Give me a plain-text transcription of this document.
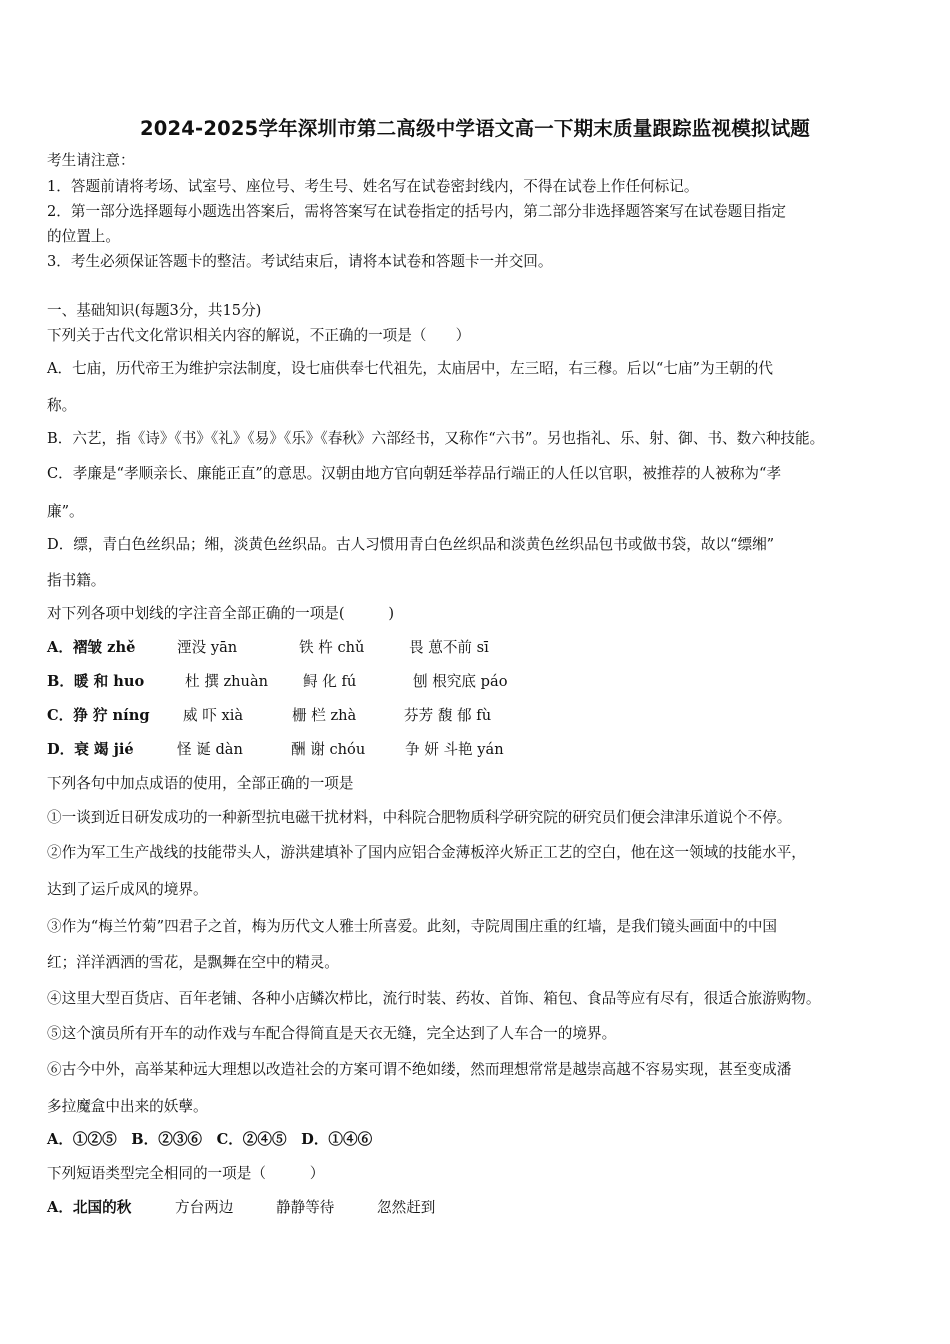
2024-2025学年深圳市第二高级中学语文高一下期末质量跟踪监视模拟试题
考生请注意：
1．答题前请将考场、试室号、座位号、考生号、姓名写在试卷密封线内，不得在试卷上作任何标记。
2．第一部分选择题每小题选出答案后，需将答案写在试卷指定的括号内，第二部分非选择题答案写在试卷题目指定
的位置上。
3．考生必须保证答题卡的整洁。考试结束后，请将本试卷和答题卡一并交回。
一、基础知识(每题3分，共15分)
下列关于古代文化常识相关内容的解说，不正确的一项是（　　）
A．七庙，历代帝王为维护宗法制度，设七庙供奉七代祖先，太庙居中，左三昭，右三穆。后以“七庙”为王朝的代
称。
B．六艺，指《诗》《书》《礼》《易》《乐》《春秋》六部经书，又称作“六书”。另也指礼、乐、射、御、书、数六种技能。
C．孝廉是“孝顺亲长、廉能正直”的意思。汉朝由地方官向朝廷举荐品行端正的人任以官职，被推荐的人被称为“孝
廉”。
D．缥，青白色丝织品；缃，淡黄色丝织品。古人习惯用青白色丝织品和淡黄色丝织品包书或做书袋，故以“缥缃”
指书籍。
对下列各项中划线的字注音全部正确的一项是(　　　)
A．褶皱 zhě	湮没 yān	铁 杵 chǔ	畏 葸不前 sī
B．暖 和 huo	杜 撰 zhuàn 鲟 化 fú	刨 根究底 páo
C．狰 狞 níng 威 吓 xià	栅 栏 zhà	芬芳 馥 郁 fù
D．衰 竭 jié	怪 诞 dàn	酬 谢 chóu	争 妍 斗艳 yán
下列各句中加点成语的使用，全部正确的一项是
①一谈到近日研发成功的一种新型抗电磁干扰材料，中科院合肥物质科学研究院的研究员们便会津津乐道说个不停。
②作为军工生产战线的技能带头人，游洪建填补了国内应铝合金薄板淬火矫正工艺的空白，他在这一领域的技能水平，
达到了运斤成风的境界。
③作为“梅兰竹菊”四君子之首，梅为历代文人雅士所喜爱。此刻，寺院周围庄重的红墙，是我们镜头画面中的中国
红；洋洋洒洒的雪花，是飘舞在空中的精灵。
④这里大型百货店、百年老铺、各种小店鳞次栉比，流行时装、药妆、首饰、箱包、食品等应有尽有，很适合旅游购物。
⑤这个演员所有开车的动作戏与车配合得简直是天衣无缝，完全达到了人车合一的境界。
⑥古今中外，高举某种远大理想以改造社会的方案可谓不绝如缕，然而理想常常是越崇高越不容易实现，甚至变成潘
多拉魔盒中出来的妖孽。
A．①②⑤　B．②③⑥　C．②④⑤　D．①④⑥
下列短语类型完全相同的一项是（　　　）
A．北国的秋	方台两边	静静等待	忽然赶到
